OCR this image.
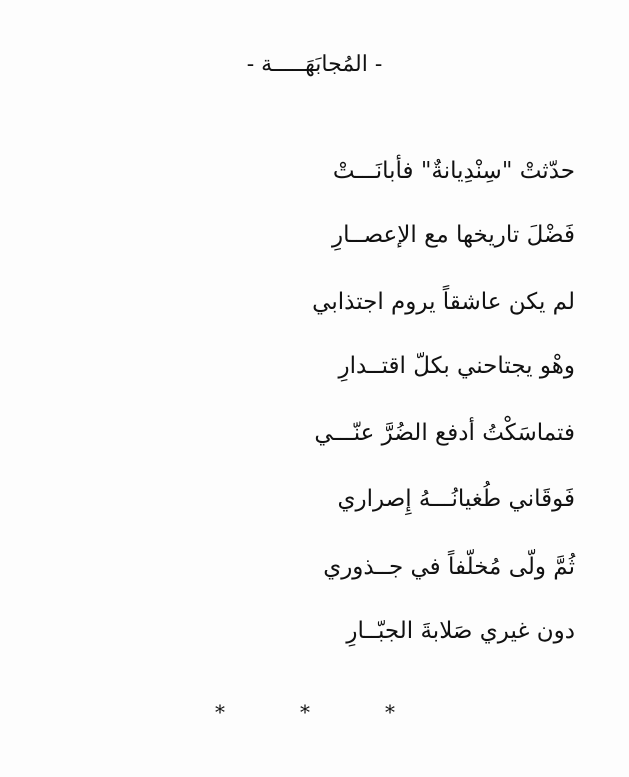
- المُجابَهَـــــة -
حدّثتْ "سِنْدِيانةٌ" فأبانَـــتْ
فَضْلَ تاريخها مع الإعصــارِ
لم يكن عاشقاً يروم اجتذابي
وهْو يجتاحني بكلّ اقتــدارِ
فتماسَكْتُ أدفع الضُرَّ عنّـــي
فَوقَاني طُغيانُـــهُ إِصراري
ثُمَّ ولّى مُخلّفاً في جــذوري
دون غيري صَلابةَ الجبّــارِ
*	*	*
